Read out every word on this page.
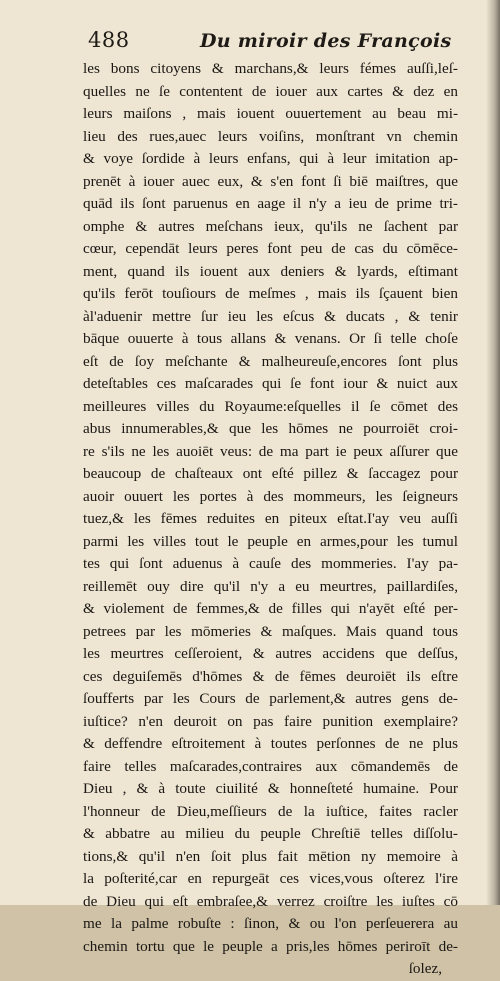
488	Du miroir des François
les bons citoyens & marchans,& leurs fémes auſſi,leſ-
quelles ne ſe contentent de iouer aux cartes & dez en
leurs maiſons , mais iouent ouuertement au beau mi-
lieu des rues,auec leurs voiſins, monſtrant vn chemin
& voye ſordide à leurs enfans, qui à leur imitation ap-
prenēt à iouer auec eux, & s'en font ſi biē maiſtres, que
quād ils ſont paruenus en aage il n'y a ieu de prime tri-
omphe & autres meſchans ieux, qu'ils ne ſachent par
cœur, cependāt leurs peres font peu de cas du cōmēce-
ment, quand ils iouent aux deniers & lyards, eſtimant
qu'ils ferōt touſiours de meſmes , mais ils ſçauent bien
àl'aduenir mettre ſur ieu les eſcus & ducats , & tenir
bāque ouuerte à tous allans & venans. Or ſi telle choſe
eſt de ſoy meſchante & malheureuſe,encores ſont plus
deteſtables ces maſcarades qui ſe font iour & nuict aux
meilleures villes du Royaume:eſquelles il ſe cōmet des
abus innumerables,& que les hōmes ne pourroiēt croi-
re s'ils ne les auoiēt veus: de ma part ie peux aſſurer que
beaucoup de chaſteaux ont eſté pillez & ſaccagez pour
auoir ouuert les portes à des mommeurs, les ſeigneurs
tuez,& les fēmes reduites en piteux eſtat.I'ay veu auſſi
parmi les villes tout le peuple en armes,pour les tumul
tes qui ſont aduenus à cauſe des mommeries. I'ay pa-
reillemēt ouy dire qu'il n'y a eu meurtres, paillardiſes,
& violement de femmes,& de filles qui n'ayēt eſté per-
petrees par les mōmeries & maſques. Mais quand tous
les meurtres ceſſeroient, & autres accidens que deſſus,
ces deguiſemēs d'hōmes & de fēmes deuroiēt ils eſtre
ſoufferts par les Cours de parlement,& autres gens de-
iuſtice? n'en deuroit on pas faire punition exemplaire?
& deffendre eſtroitement à toutes perſonnes de ne plus
faire telles maſcarades,contraires aux cōmandemēs de
Dieu , & à toute ciuilité & honneſteté humaine. Pour
l'honneur de Dieu,meſſieurs de la iuſtice, faites racler
& abbatre au milieu du peuple Chreſtiē telles diſſolu-
tions,& qu'il n'en ſoit plus fait mētion ny memoire à
la poſterité,car en repurgeāt ces vices,vous oſterez l'ire
de Dieu qui eſt embraſee,& verrez croiſtre les iuſtes cō
me la palme robuſte : ſinon, & ou l'on perſeuerera au
chemin tortu que le peuple a pris,les hōmes periroīt de-
ſolez,
